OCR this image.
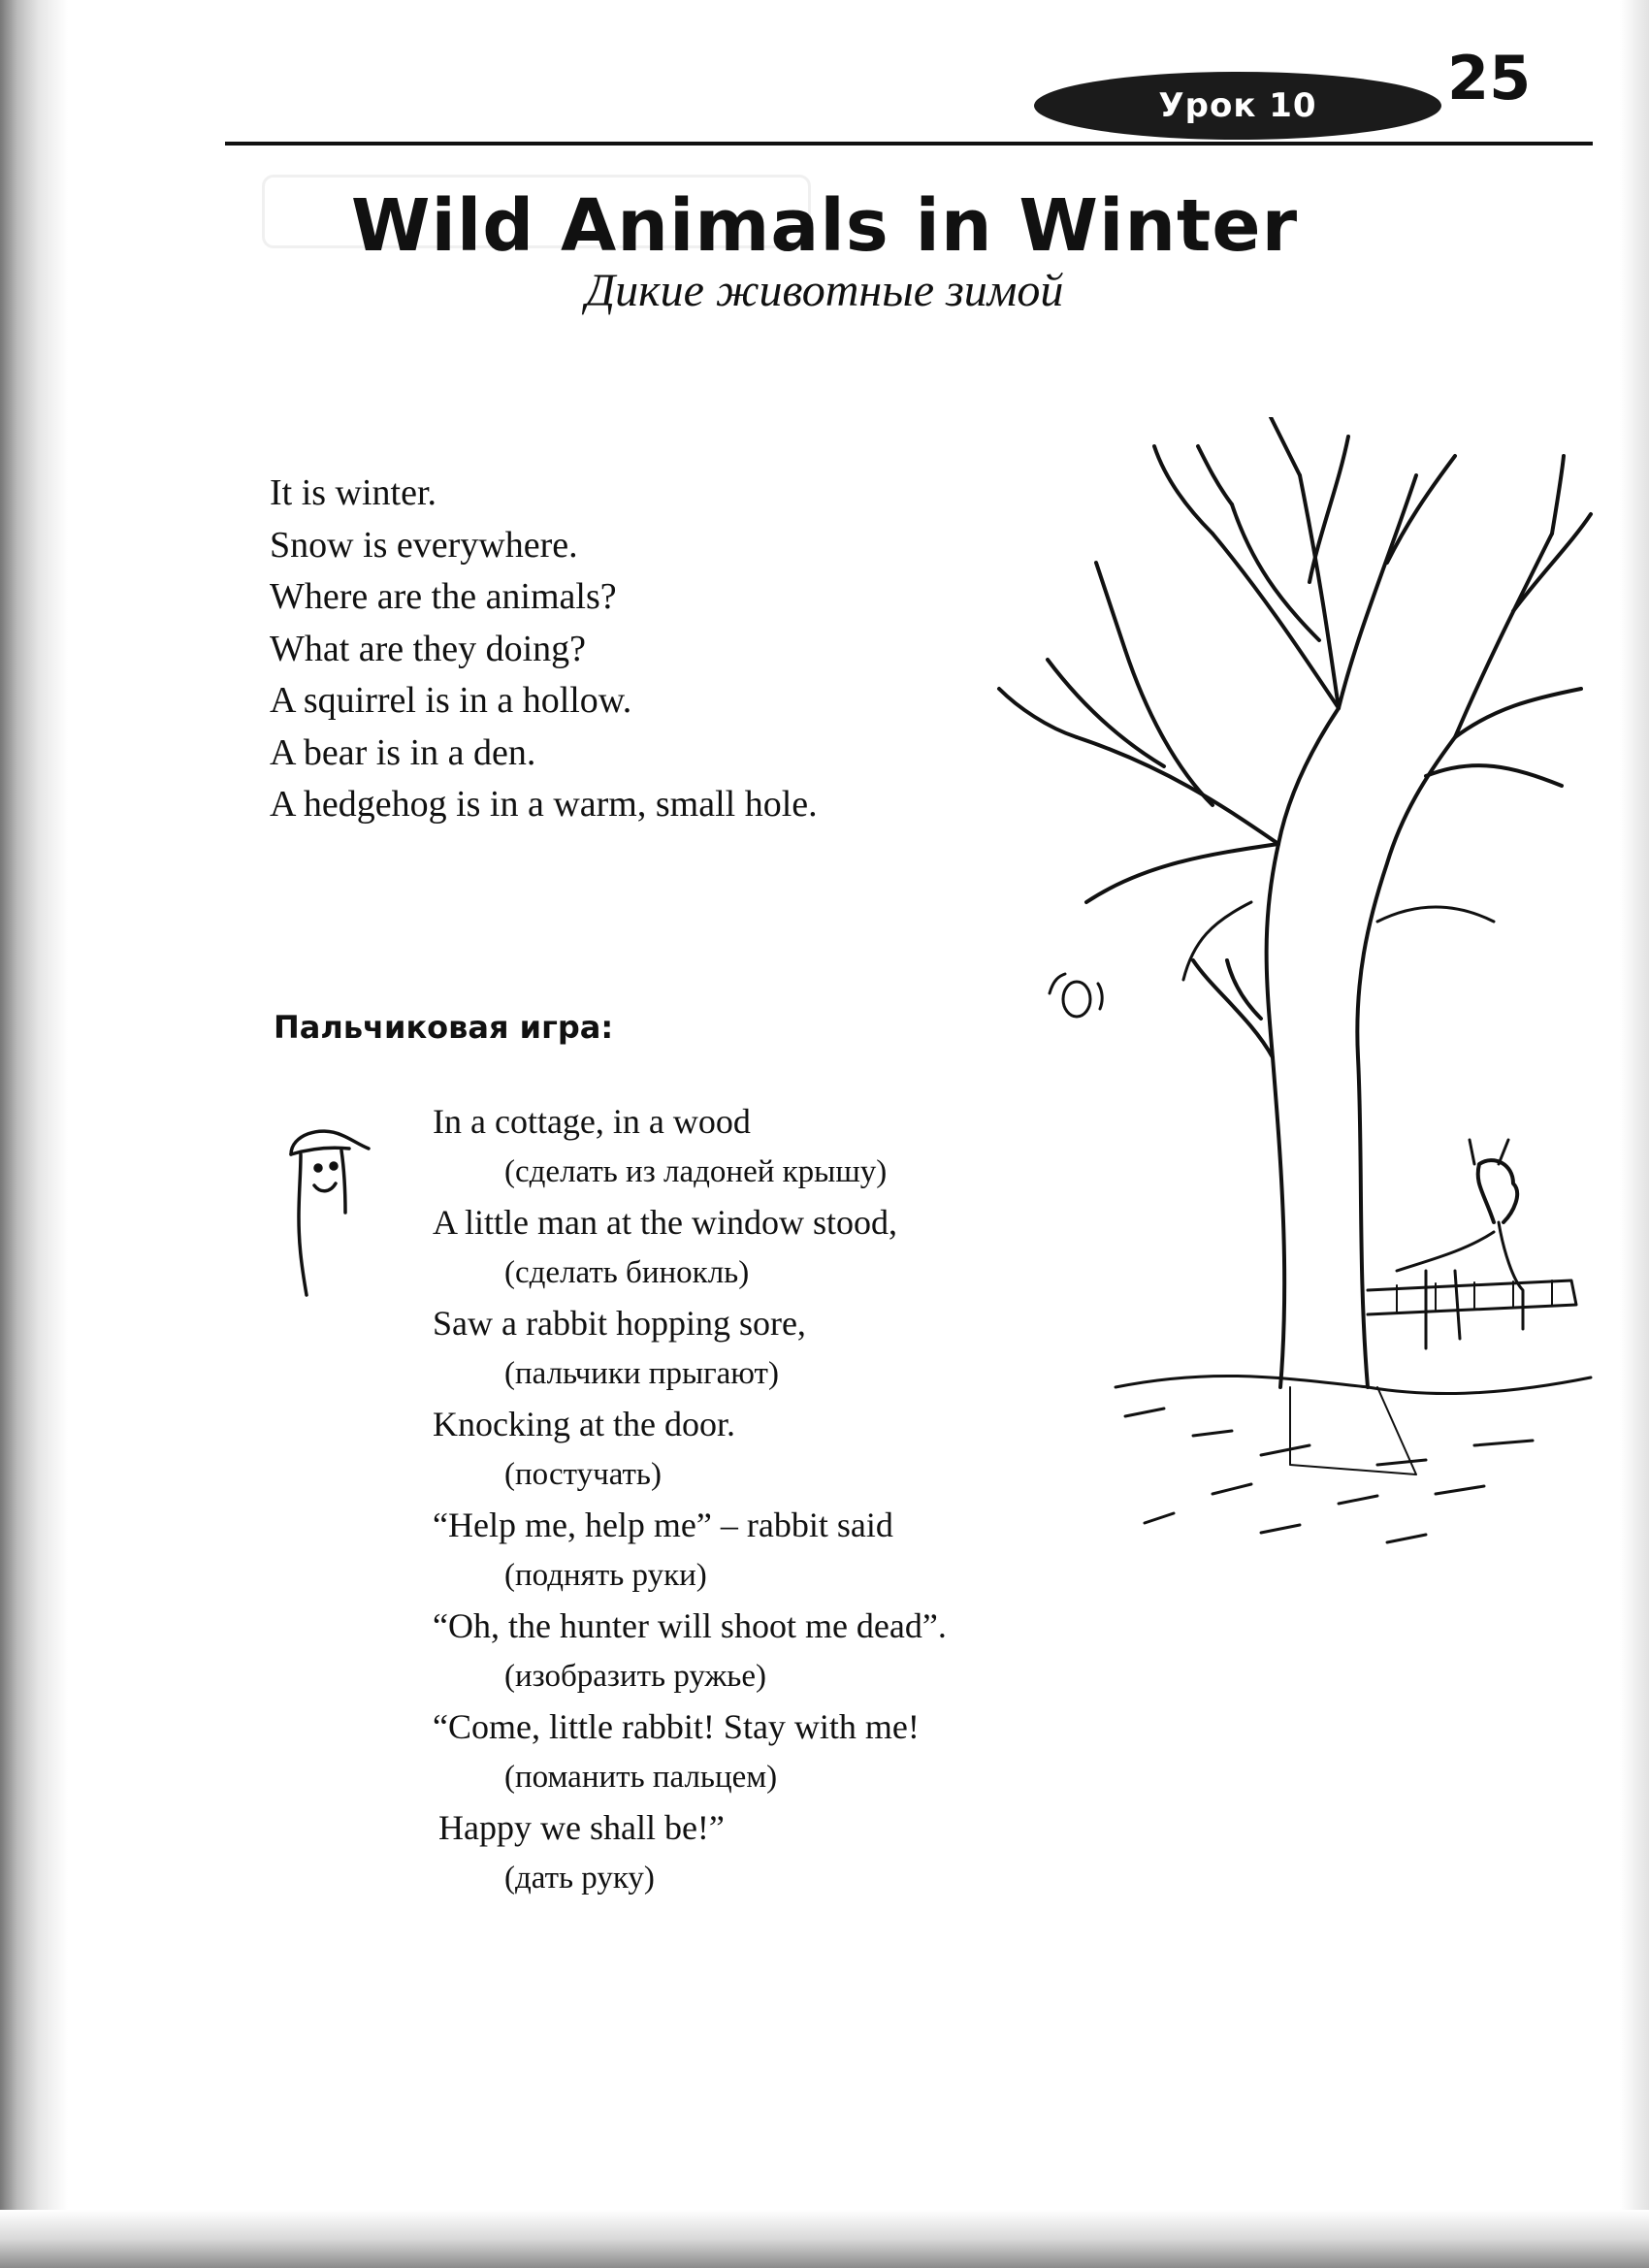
Урок 10 25
Wild Animals in Winter
Дикие животные зимой
It is winter.
Snow is everywhere.
Where are the animals?
What are they doing?
A squirrel is in a hollow.
A bear is in a den.
A hedgehog is in a warm, small hole.
Пальчиковая игра:
In a cottage, in a wood
(сделать из ладоней крышу)
A little man at the window stood,
(сделать бинокль)
Saw a rabbit hopping sore,
(пальчики прыгают)
Knocking at the door.
(постучать)
“Help me, help me” – rabbit said
(поднять руки)
“Oh, the hunter will shoot me dead”.
(изобразить ружье)
“Come, little rabbit! Stay with me!
(поманить пальцем)
Happy we shall be!”
(дать руку)
